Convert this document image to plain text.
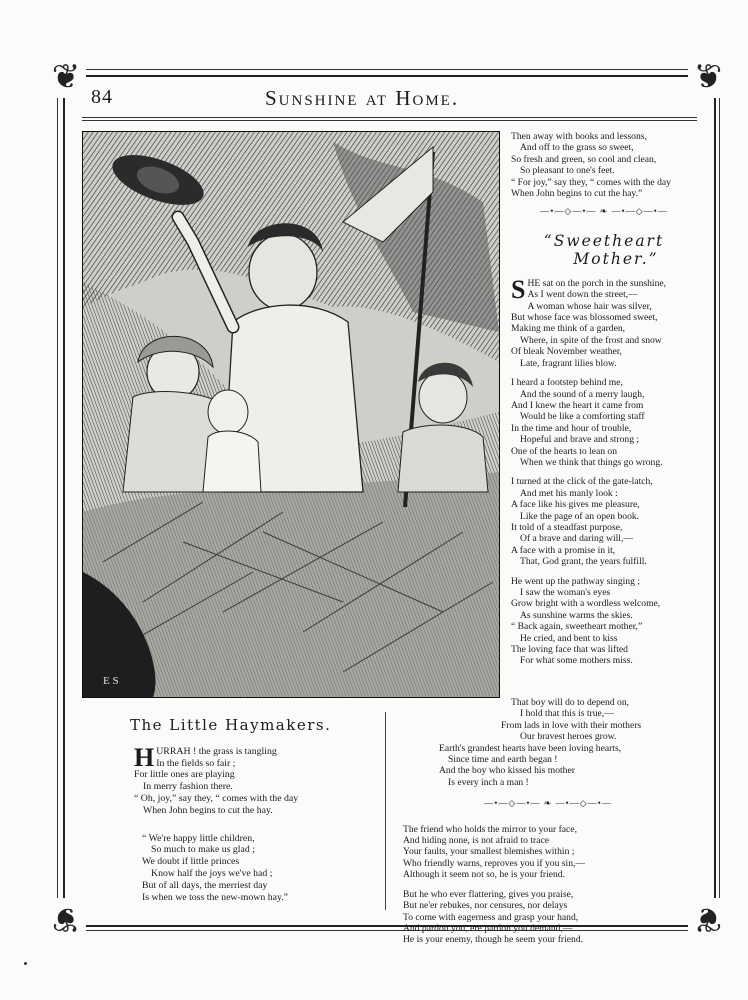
❦	❦
❦	❦
84	Sunshine at Home.
E S

Then away with books and lessons,

And off to the grass so sweet,

So fresh and green, so cool and clean,

So pleasant to one's feet.

“ For joy,” say they, “ comes with the day

When John begins to cut the hay.”

—•—◇—•— ❧ —•—◇—•—
“Sweetheart
Mother.”
S HE sat on the porch in the sunshine,

As I went down the street,—

A woman whose hair was silver,

But whose face was blossomed sweet,

Making me think of a garden,

Where, in spite of the frost and snow

Of bleak November weather,

Late, fragrant lilies blow.

I heard a footstep behind me,

And the sound of a merry laugh,

And I knew the heart it came from

Would be like a comforting staff

In the time and hour of trouble,

Hopeful and brave and strong ;

One of the hearts to lean on

When we think that things go wrong.

I turned at the click of the gate-latch,

And met his manly look :

A face like his gives me pleasure,

Like the page of an open book.

It told of a steadfast purpose,

Of a brave and daring will,—

A face with a promise in it,

That, God grant, the years fulfill.

He went up the pathway singing ;

I saw the woman's eyes

Grow bright with a wordless welcome,

As sunshine warms the skies.

“ Back again, sweetheart mother,”

He cried, and bent to kiss

The loving face that was lifted

For what some mothers miss.

That boy will do to depend on,

I hold that this is true,—

From lads in love with their mothers

Our bravest heroes grow.

Earth's grandest hearts have been loving hearts,

Since time and earth began !

And the boy who kissed his mother

Is every inch a man !

—•—◇—•— ❧ —•—◇—•—

The friend who holds the mirror to your face,

And hiding none, is not afraid to trace

Your faults, your smallest blemishes within ;

Who friendly warns, reproves you if you sin,—

Although it seem not so, he is your friend.

But he who ever flattering, gives you praise,

But ne'er rebukes, nor censures, nor delays

To come with eagerness and grasp your hand,

And pardon you, ere pardon you demand,—

He is your enemy, though he seem your friend.

The Little Haymakers.
H URRAH ! the grass is tangling

In the fields so fair ;

For little ones are playing

In merry fashion there.

“ Oh, joy,” say they, “ comes with the day

When John begins to cut the hay.

“ We're happy little children,

So much to make us glad ;

We doubt if little princes

Know half the joys we've had ;

But of all days, the merriest day

Is when we toss the new-mown hay.”
